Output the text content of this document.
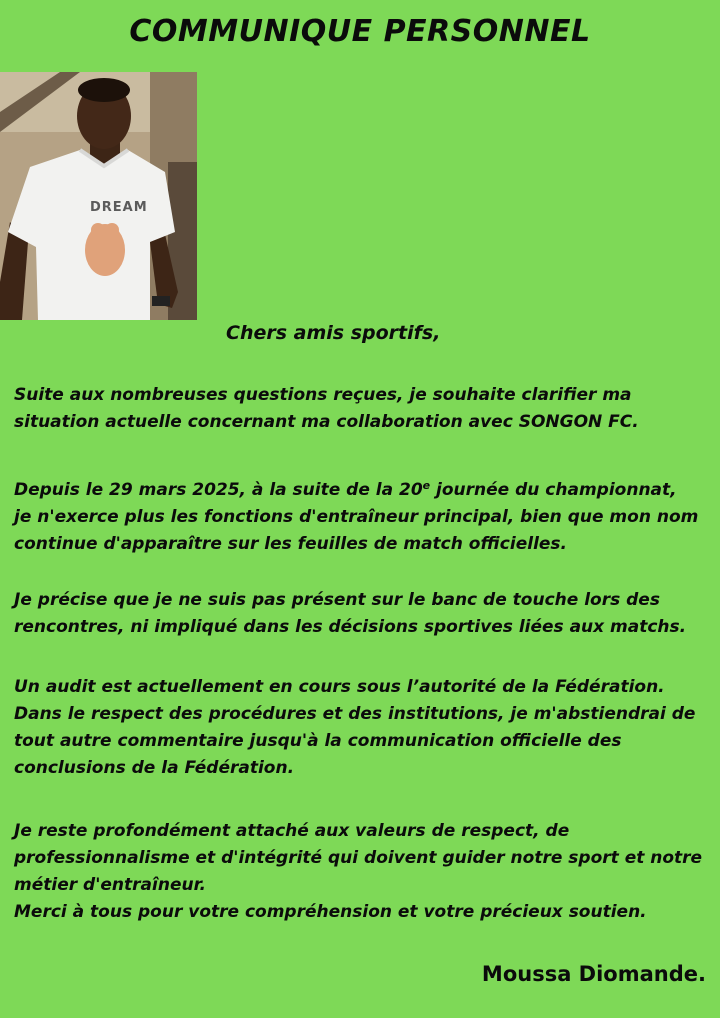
COMMUNIQUE PERSONNEL
DREAM
Chers amis sportifs,
Suite aux nombreuses questions reçues, je souhaite clarifier ma
situation actuelle concernant ma collaboration avec SONGON FC.
Depuis le 29 mars 2025, à la suite de la 20e journée du championnat,
je n'exerce plus les fonctions d'entraîneur principal, bien que mon nom
continue d'apparaître sur les feuilles de match officielles.
Je précise que je ne suis pas présent sur le banc de touche lors des
rencontres, ni impliqué dans les décisions sportives liées aux matchs.
Un audit est actuellement en cours sous l’autorité de la Fédération.
Dans le respect des procédures et des institutions, je m'abstiendrai de
tout autre commentaire jusqu'à la communication officielle des
conclusions de la Fédération.
Je reste profondément attaché aux valeurs de respect, de
professionnalisme et d'intégrité qui doivent guider notre sport et notre
métier d'entraîneur.
Merci à tous pour votre compréhension et votre précieux soutien.
Moussa Diomande.
